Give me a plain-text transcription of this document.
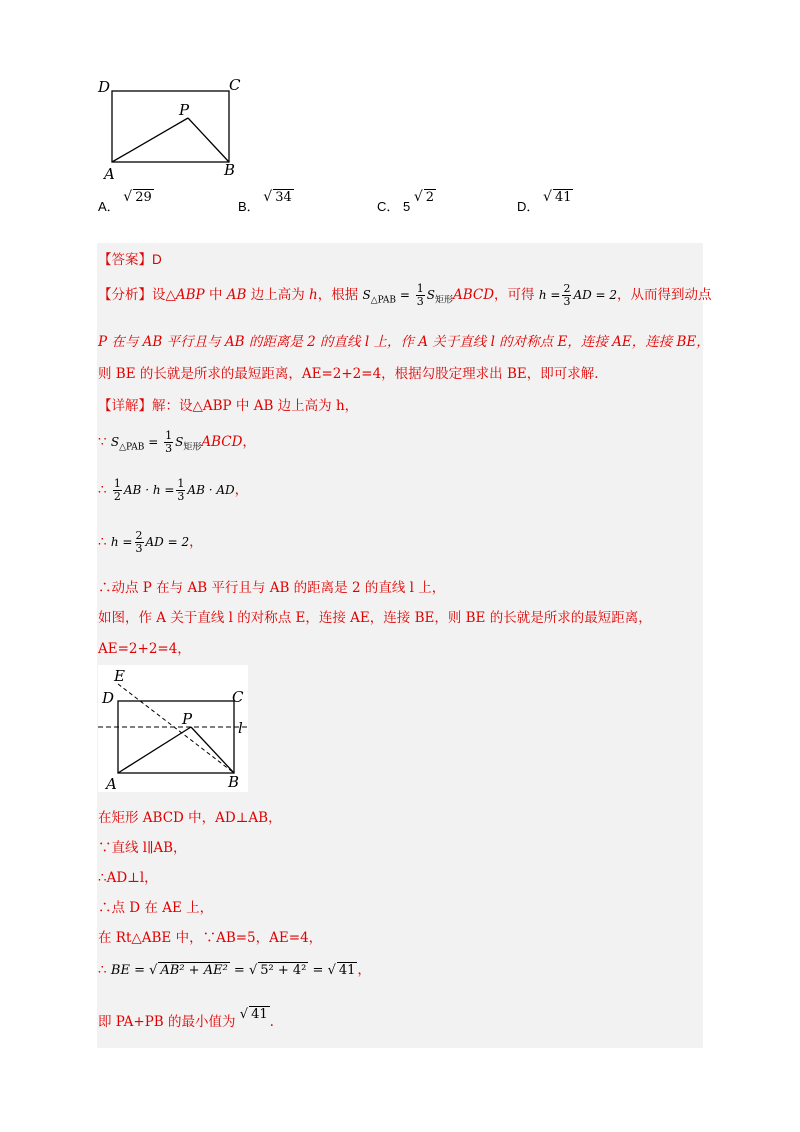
D	C
P
A	B
A． √ 29
B． √ 34
C． 5 √ 2
D． √ 41
【答案】D
【分析】设△ABP 中 AB 边上高为 h，根据 $S_{\triangle PAB} = \frac{1}{3}$ $S_{矩形}ABCD$，可得 $h = \frac{2}{3}$ AD = 2，从而得到动点
P 在与 AB 平行且与 AB 的距离是 2 的直线 l 上，作 A 关于直线 l 的对称点 E，连接 AE，连接 BE，
则 BE 的长就是所求的最短距离，AE=2+2=4，根据勾股定理求出 BE，即可求解.
【详解】解：设△ABP 中 AB 边上高为 h，
∵ $S_{\triangle PAB} = \frac{1}{3}$ $S_{矩形}ABCD$，
∴ $\frac{1}{2}$ AB · $h = \frac{1}{3}$ AB · AD，
∴ $h = \frac{2}{3}$ AD = 2，
∴动点 P 在与 AB 平行且与 AB 的距离是 2 的直线 l 上，
如图，作 A 关于直线 l 的对称点 E，连接 AE，连接 BE，则 BE 的长就是所求的最短距离，
AE=2+2=4，
E
D	C
P	l
A	B
在矩形 ABCD 中，AD⊥AB，
∵直线 l∥AB，
∴AD⊥l，
∴点 D 在 AE 上，
在 Rt△ABE 中，∵AB=5，AE=4，
∴ BE = √ AB² + AE² = √ 5² + 4² = √ 41 ，
即 PA+PB 的最小值为 √ 41 .
